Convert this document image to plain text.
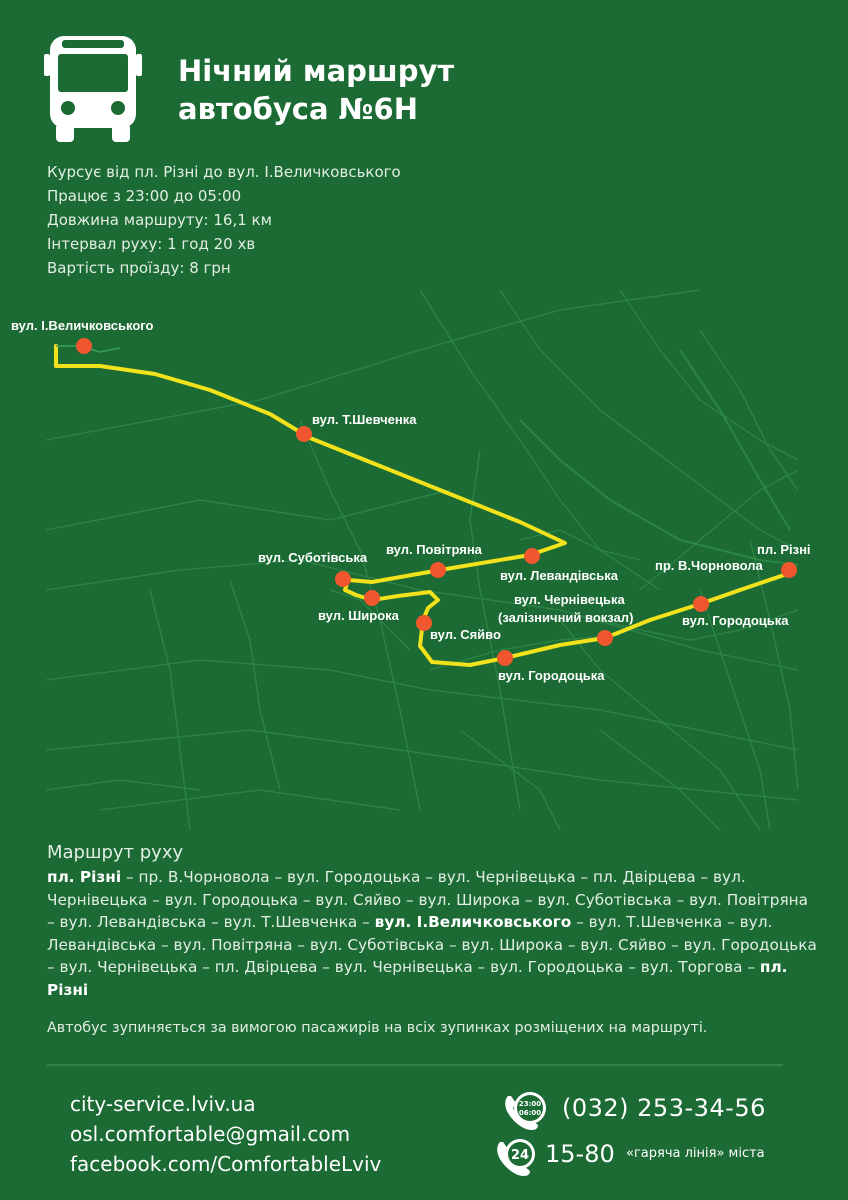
Нічний маршрут
автобуса №6Н
Курсує від пл. Різні до вул. І.Величковського
Працює з 23:00 до 05:00
Довжина маршруту: 16,1 км
Інтервал руху: 1 год 20 хв
Вартість проїзду: 8 грн
вул. І.Величковського
вул. Т.Шевченка
вул. Повітряна
вул. Суботівська
вул. Левандівська
вул. Широка
вул. Сяйво
вул. Городоцька
вул. Чернівецька
(залізничний вокзал)	вул. Городоцька
пр. В.Чорновола
пл. Різні
Маршрут руху
пл. Різні – пр. В.Чорновола – вул. Городоцька – вул. Чернівецька – пл. Двірцева – вул. Чернівецька – вул. Городоцька – вул. Сяйво – вул. Широка – вул. Суботівська – вул. Повітряна – вул. Левандівська – вул. Т.Шевченка – вул. І.Величковського – вул. Т.Шевченка – вул. Левандівська – вул. Повітряна – вул. Суботівська – вул. Широка – вул. Сяйво – вул. Городоцька – вул. Чернівецька – пл. Двірцева – вул. Чернівецька – вул. Городоцька – вул. Торгова – пл. Різні
Автобус зупиняється за вимогою пасажирів на всіх зупинках розміщених на маршруті.
city-service.lviv.ua
osl.comfortable@gmail.com
facebook.com/ComfortableLviv
23:00
06:00 (032) 253-34-56
24 15-80 «гаряча лінія» міста
